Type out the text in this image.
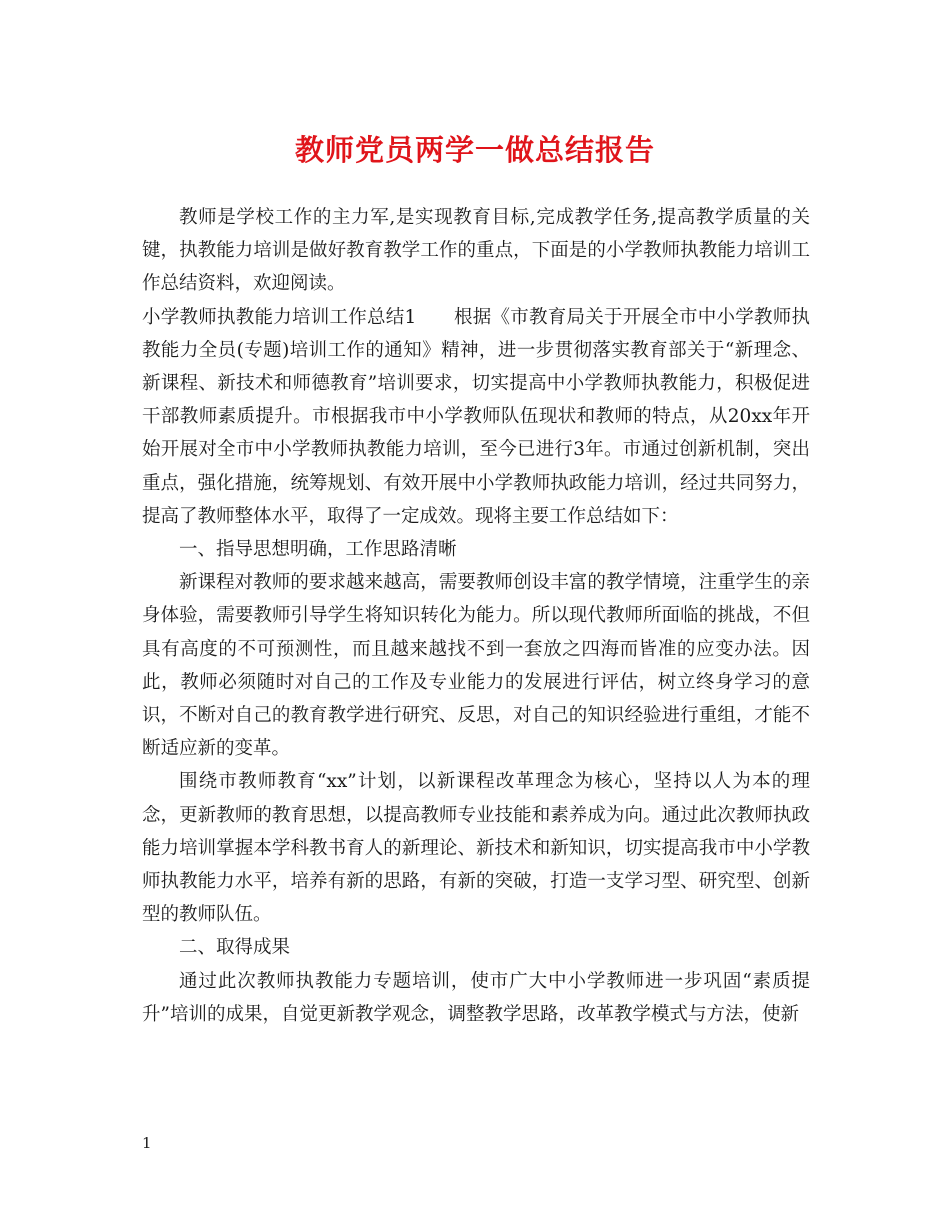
教师党员两学一做总结报告

教师是学校工作的主力军,是实现教育目标,完成教学任务,提高教学质量的关键，执教能力培训是做好教育教学工作的重点，下面是的小学教师执教能力培训工作总结资料，欢迎阅读。

小学教师执教能力培训工作总结1　　根据《市教育局关于开展全市中小学教师执教能力全员(专题)培训工作的通知》精神，进一步贯彻落实教育部关于“新理念、新课程、新技术和师德教育”培训要求，切实提高中小学教师执教能力，积极促进干部教师素质提升。市根据我市中小学教师队伍现状和教师的特点，从20xx年开始开展对全市中小学教师执教能力培训，至今已进行3年。市通过创新机制，突出重点，强化措施，统筹规划、有效开展中小学教师执政能力培训，经过共同努力，提高了教师整体水平，取得了一定成效。现将主要工作总结如下：

一、指导思想明确，工作思路清晰

新课程对教师的要求越来越高，需要教师创设丰富的教学情境，注重学生的亲身体验，需要教师引导学生将知识转化为能力。所以现代教师所面临的挑战，不但具有高度的不可预测性，而且越来越找不到一套放之四海而皆准的应变办法。因此，教师必须随时对自己的工作及专业能力的发展进行评估，树立终身学习的意识，不断对自己的教育教学进行研究、反思，对自己的知识经验进行重组，才能不断适应新的变革。

围绕市教师教育“xx”计划，以新课程改革理念为核心，坚持以人为本的理念，更新教师的教育思想，以提高教师专业技能和素养成为向。通过此次教师执政能力培训掌握本学科教书育人的新理论、新技术和新知识，切实提高我市中小学教师执教能力水平，培养有新的思路，有新的突破，打造一支学习型、研究型、创新型的教师队伍。

二、取得成果

通过此次教师执教能力专题培训，使市广大中小学教师进一步巩固“素质提升”培训的成果，自觉更新教学观念，调整教学思路，改革教学模式与方法，使新

1
